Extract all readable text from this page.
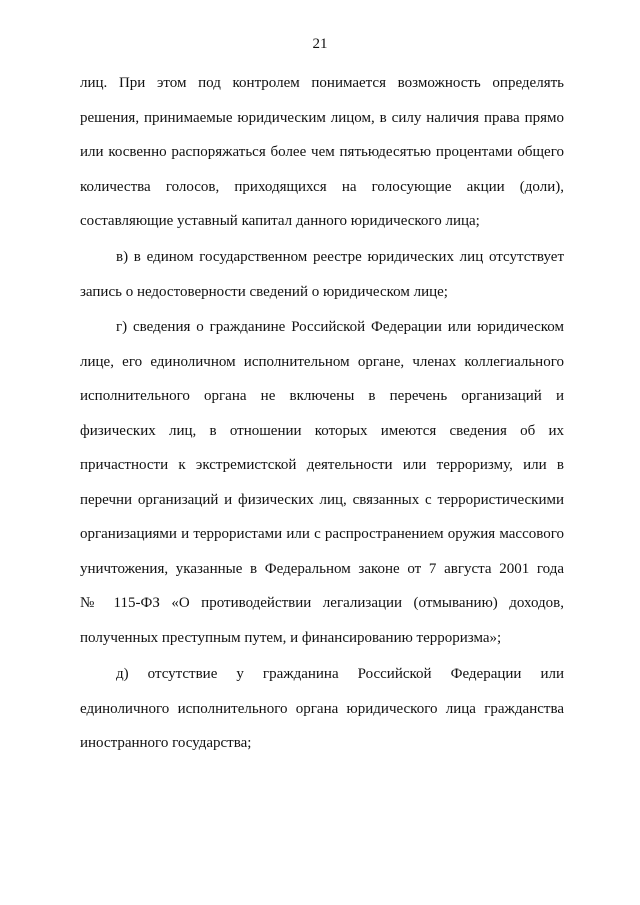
21
лиц. При этом под контролем понимается возможность определять
решения, принимаемые юридическим лицом, в силу наличия права прямо
или косвенно распоряжаться более чем пятьюдесятью процентами общего
количества голосов, приходящихся на голосующие акции (доли),
составляющие уставный капитал данного юридического лица;
в) в едином государственном реестре юридических лиц отсутствует
запись о недостоверности сведений о юридическом лице;
г) сведения о гражданине Российской Федерации или юридическом
лице, его единоличном исполнительном органе, членах коллегиального
исполнительного органа не включены в перечень организаций и
физических лиц, в отношении которых имеются сведения об их
причастности к экстремистской деятельности или терроризму, или в
перечни организаций и физических лиц, связанных с террористическими
организациями и террористами или с распространением оружия массового
уничтожения, указанные в Федеральном законе от 7 августа 2001 года
№ 115-ФЗ «О противодействии легализации (отмыванию) доходов,
полученных преступным путем, и финансированию терроризма»;
д) отсутствие у гражданина Российской Федерации или
единоличного исполнительного органа юридического лица гражданства
иностранного государства;
